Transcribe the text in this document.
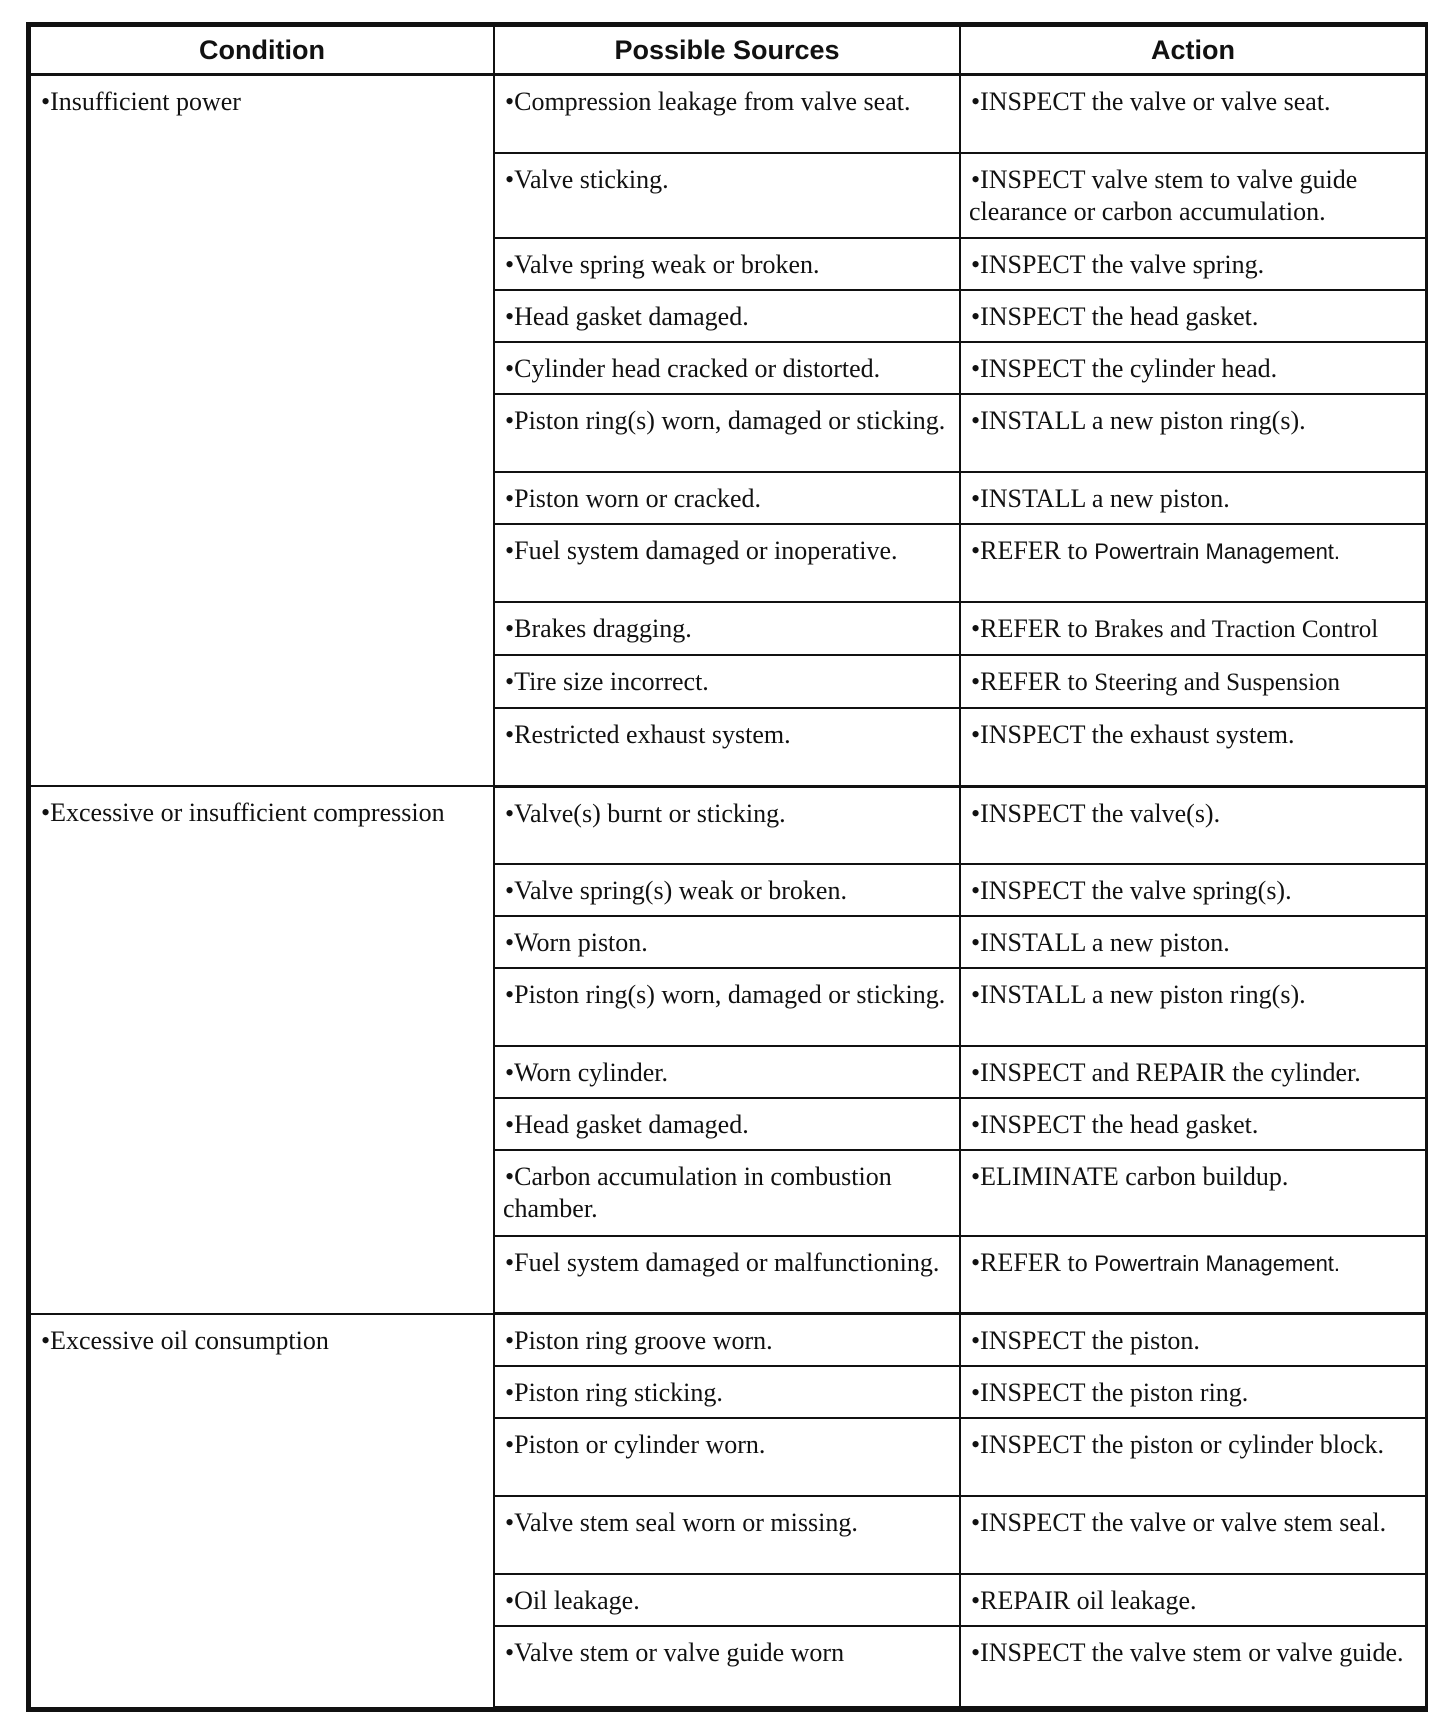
Condition	Possible Sources	Action
•Insufficient power	•Compression leakage from valve seat.	•INSPECT the valve or valve seat.
	•Valve sticking.	•INSPECT valve stem to valve guide clearance or carbon accumulation.
	•Valve spring weak or broken.	•INSPECT the valve spring.
	•Head gasket damaged.	•INSPECT the head gasket.
	•Cylinder head cracked or distorted.	•INSPECT the cylinder head.
	•Piston ring(s) worn, damaged or sticking.	•INSTALL a new piston ring(s).
	•Piston worn or cracked.	•INSTALL a new piston.
	•Fuel system damaged or inoperative.	•REFER to Powertrain Management.
	•Brakes dragging.	•REFER to Brakes and Traction Control
	•Tire size incorrect.	•REFER to Steering and Suspension
	•Restricted exhaust system.	•INSPECT the exhaust system.
•Excessive or insufficient compression	•Valve(s) burnt or sticking.	•INSPECT the valve(s).
	•Valve spring(s) weak or broken.	•INSPECT the valve spring(s).
	•Worn piston.	•INSTALL a new piston.
	•Piston ring(s) worn, damaged or sticking.	•INSTALL a new piston ring(s).
	•Worn cylinder.	•INSPECT and REPAIR the cylinder.
	•Head gasket damaged.	•INSPECT the head gasket.
	•Carbon accumulation in combustion chamber.	•ELIMINATE carbon buildup.
	•Fuel system damaged or malfunctioning.	•REFER to Powertrain Management.
•Excessive oil consumption	•Piston ring groove worn.	•INSPECT the piston.
	•Piston ring sticking.	•INSPECT the piston ring.
	•Piston or cylinder worn.	•INSPECT the piston or cylinder block.
	•Valve stem seal worn or missing.	•INSPECT the valve or valve stem seal.
	•Oil leakage.	•REPAIR oil leakage.
	•Valve stem or valve guide worn	•INSPECT the valve stem or valve guide.
